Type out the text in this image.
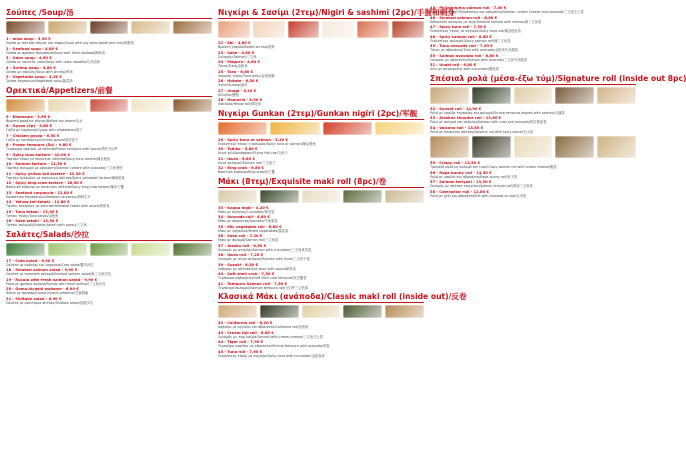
Σούπες /Soup/汤
1 - miso soup - 3,90 €
Σούπα με σάλτσα σόγιας και τόφου/Soup with soy bean paste and tofu/味噌汤
2 - Seafood soup - 4,80 €
Σούπα με φρέσκα θαλασσινά/Soup with fresh seafood/海鲜汤
3 - Udon soup - 4,50 €
Σούπα με νουντλς udon/Soup with udon noodles/乌冬面汤
4 - Shrimp soup - 4,80 €
Σούπα με γαρίδες/Soup with shrimp/虾汤
5 - Vegetable soup - 4,20 €
Σούπα λαχανικών/Vegetable soup/蔬菜汤
Ορεκτικά/Appetizers/前餐
5 - Edamame - 3,90 €
Βραστά φασόλια σόγιας/Boiled soy beans/毛豆
6 - Gyoza (4p) - 5,80 €
Γιόζα με λαχανικά/Gyoza with vegetables/饺子
7 - Chicken gyoza - 6,50 €
Γιόζα με κοτόπουλο/Chicken gyoza/鸡肉饺子
8 - Prawn tempura (5p) - 9,80 €
Τεμπούρα γαρίδας με σάλτσα/Prawn tempura with sauce/炸虾天妇罗
9 - Spicy tuna tartare - 10,00 €
Ταρτάρ τόνου με πικάντικη σάλτσα/Spicy tuna tartare/辣金枪鱼
10 - Salmon tartare - 11,50 €
Ταρτάρ σολομού με αβοκάντο/Salmon tartare with avocado/三文鱼塔塔
11 - Spicy yellow tail tartare - 12,50 €
Ταρτάρ λακέρδας με πικάντικη σάλτσα/Spicy yellowtail tartare/辣黄尾鱼
12 - Spicy king crab tartare - 16,50 €
Βασιλικό καβούρι με πικάντικη σάλτσα/Spicy king crab tartare/辣帝王蟹
13 - Seafood carpaccio - 12,80 €
Καρπάτσιο θαλασσινών/Seafood carpaccio/海鲜生片
14 - Yellow tail tataki - 12,80 €
Τατάκι λακέρδας με σάλτσα/Yellowtail tataki with sauce/黄尾鱼
15 - Tuna tataki - 13,50 €
Τατάκι τόνου/Tuna tataki/金枪鱼
16 - Sake tataki - 12,50 €
Τατάκι σολομού/Salmon tataki with ponzu/三文鱼
Σαλάτες/Salads/沙拉
17 - Crab salad - 9,90 €
Σαλάτα με καβούρι και λαχανικά/Crab salad/蟹肉沙拉
18 - Smoked salmon salad - 9,90 €
Σαλάτα με καπνιστό σολομό/Smoked salmon salad/熏三文鱼沙拉
19 - Rucola with fresh salmon salad - 9,90 €
Ρόκα με φρέσκο σολομό/Rucola with fresh salmon/三文鱼沙拉
20 - Goma hiyashi wakame - 6,90 €
Φύκια με σουσάμι/Goma hiyashi wakame/芝麻海藻
21 - Shiitake salad - 6,90 €
Σαλάτα με μανιτάρια σιιτάκε/Shiitake salad/香菇沙拉
Νιγκίρι & Σασίμι (2τεμ)/Nigiri & sashimi (2pc)/手握和刺身
22 - Ebi - 4,80 €
Βραστή γαρίδα/Boiled shrimp/熟虾
23 - Sake - 4,80 €
Σολομός/Salmon/三文鱼
24 - Maguro - 4,80 €
Τόνος/Tuna/金枪鱼
25 - Toro - 6,80 €
Λιπαρός τόνος/Tuna belly/金枪鱼腩
26 - Hotate - 6,50 €
Χτένι/Scallop/扇贝
27 - Unagi - 6,20 €
Χέλι/Eel/鳗鱼
28 - Hamachi - 6,50 €
Λακέρδα/Yellow tail/黄尾鱼
Νιγκίρι Gunkan (2τεμ)/Gunkan nigiri (2pc)/军舰
29 - Spicy tuna or salmon - 5,20 €
Πικάντικος τόνος ή σολομός/Spicy tuna or salmon/辣金枪鱼
30 - Tobiko - 5,80 €
Αυγά χελιδονόψαρου/Flying fish roe/飞鱼子
31 - Ikura - 6,80 €
Αυγά σολομού/Salmon roe/三文鱼子
32 - King crab - 6,80 €
Βασιλικό καβούρι/King crab/帝王蟹
Μάκι (8τεμ)/Exquisite maki roll (8pc)/卷
33 - Kappa maki - 4,20 €
Μάκι με αγγούρι/Cucumber/黄瓜卷
34 - Avocado roll - 4,80 €
Μάκι με αβοκάντο/Avocado/牛油果卷
35 - Mix vegetable roll - 6,80 €
Μάκι με λαχανικά/Mixed vegetables/蔬菜卷
36 - Sake roll - 7,20 €
Μάκι με σολομό/Salmon roll/三文鱼卷
37 - Alaska roll - 6,50 €
Σολομός με αγγούρι/Salmon with cucumber/三文鱼黄瓜卷
38 - Ikura roll - 7,20 €
Σολομός με αυγά σολομού/Salmon with ikura/三文鱼子卷
39 - Suzuki - 6,50 €
Λαβράκι με σάλτσα/Sea bass with sauce/鲈鱼卷
40 - Soft shell crab - 7,50 €
Τεμπούρα καβουριού/Soft shell crab tempura/软壳蟹卷
41 - Tempura Salmon roll - 7,50 €
Τεμπούρα σολομού/Salmon tempura roll/天妇罗三文鱼卷
Κλασικά Μάκι (ανάποδα)/Classic maki roll (inside out)/反卷
42 - California roll - 8,20 €
Καβούρι με αγγούρι και αβοκάντο/California roll/加州卷
43 - Cream fuji roll - 8,80 €
Σολομός με τυρί κρέμα/Salmon with cream cheese/三文鱼芝士卷
44 - Tiger roll - 7,90 €
Τεμπούρα γαρίδας με αβοκάντο/Shrimp tempura with avocado/虎卷
45 - Tuna roll - 7,90 €
Πικάντικος τόνος με αγγούρι/Spicy tuna with cucumber/金枪鱼卷
45 - Philadelphia salmon roll - 7,50 €
Σολομός με τυρί Philadelphia και αβοκάντο/Salmon, cream cheese and avocado/三文鱼芝士卷
46 - Smoked salmon roll - 8,80 €
Καπνιστός σολομός με τυρί/Smoked salmon with cheese/熏三文鱼卷
47 - Spicy tuna roll - 7,50 €
Πικάντικος τόνος με αγγούρι/Spicy tuna roll/辣金枪鱼卷
48 - Spicy salmon roll - 6,80 €
Πικάντικος σολομός/Spicy salmon roll/辣三文鱼卷
49 - Tuna avocado roll - 7,20 €
Τόνος με αβοκάντο/Tuna with avocado/金枪鱼牛油果卷
50 - Salmon avocado roll - 6,80 €
Σολομός με αβοκάντο/Salmon with avocado/三文鱼牛油果卷
51 - Unaki roll - 6,80 €
Χέλι με αγγούρι/Eel with cucumber/鳗鱼卷
Σπέσιαλ ρολά (μέσα-έξω τύμ)/Signature roll (inside out 8pc)
52 - Sunset roll - 14,00 €
Ρολό με γαρίδα τεμπούρα και σολομό/Shrimp tempura topped with salmon/日落卷
53 - Alaskan thunder roll - 13,80 €
Ρολό με σολομό και καβούρι/Salmon with crab and avocado/阿拉斯加卷
54 - Volcano roll - 13,80 €
Ρολό με πικάντικη σάλτσα/Volcano roll with spicy sauce/火山卷
55 - Crispy roll - 13,50 €
Τραγανό ρολό με σολομό και τυρί/Crispy salmon roll with cream cheese/脆卷
56 - Rage bunny roll - 13,50 €
Ρολό με γαρίδα και αβοκάντο/Rage bunny roll/兔子卷
57 - Salmon teriyaki - 13,50 €
Σολομός με σάλτσα τεριγιάκι/Salmon teriyaki roll/照烧三文鱼卷
58 - Caterpillar roll - 12,80 €
Ρολό με χέλι και αβοκάντο/Eel with avocado on top/毛虫卷
